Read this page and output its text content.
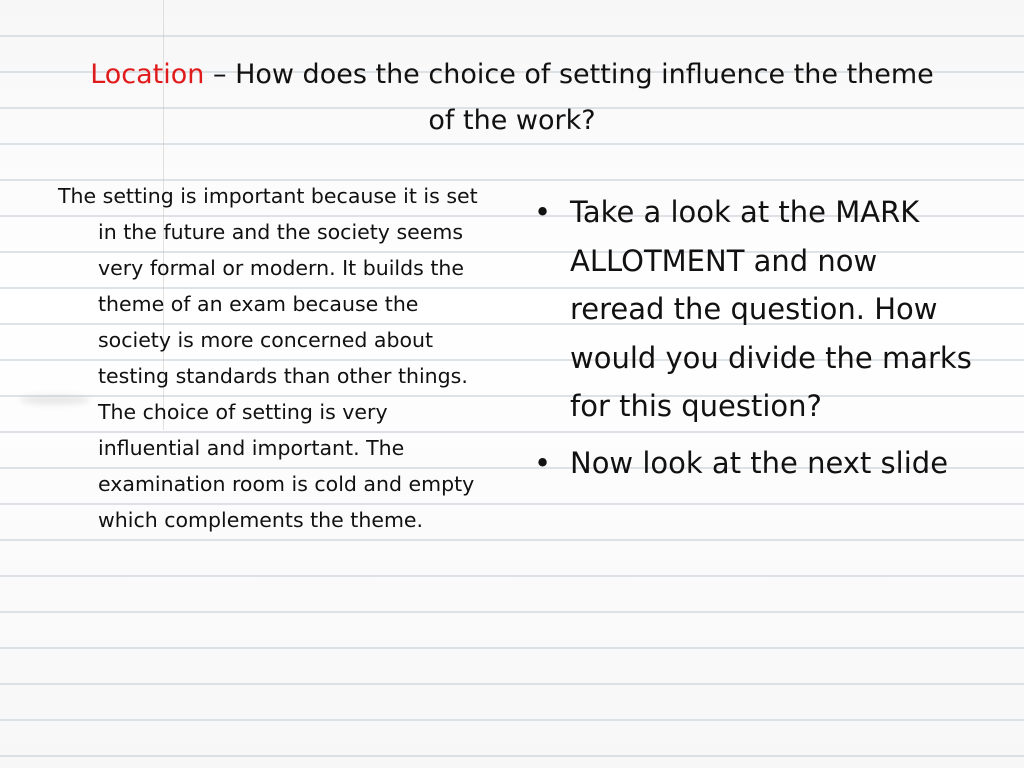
Location – How does the choice of setting influence the theme of the work?

The setting is important because it is set in the future and the society seems very formal or modern. It builds the theme of an exam because the society is more concerned about testing standards than other things. The choice of setting is very influential and important. The examination room is cold and empty which complements the theme.

• Take a look at the MARK ALLOTMENT and now reread the question. How would you divide the marks for this question?
• Now look at the next slide
